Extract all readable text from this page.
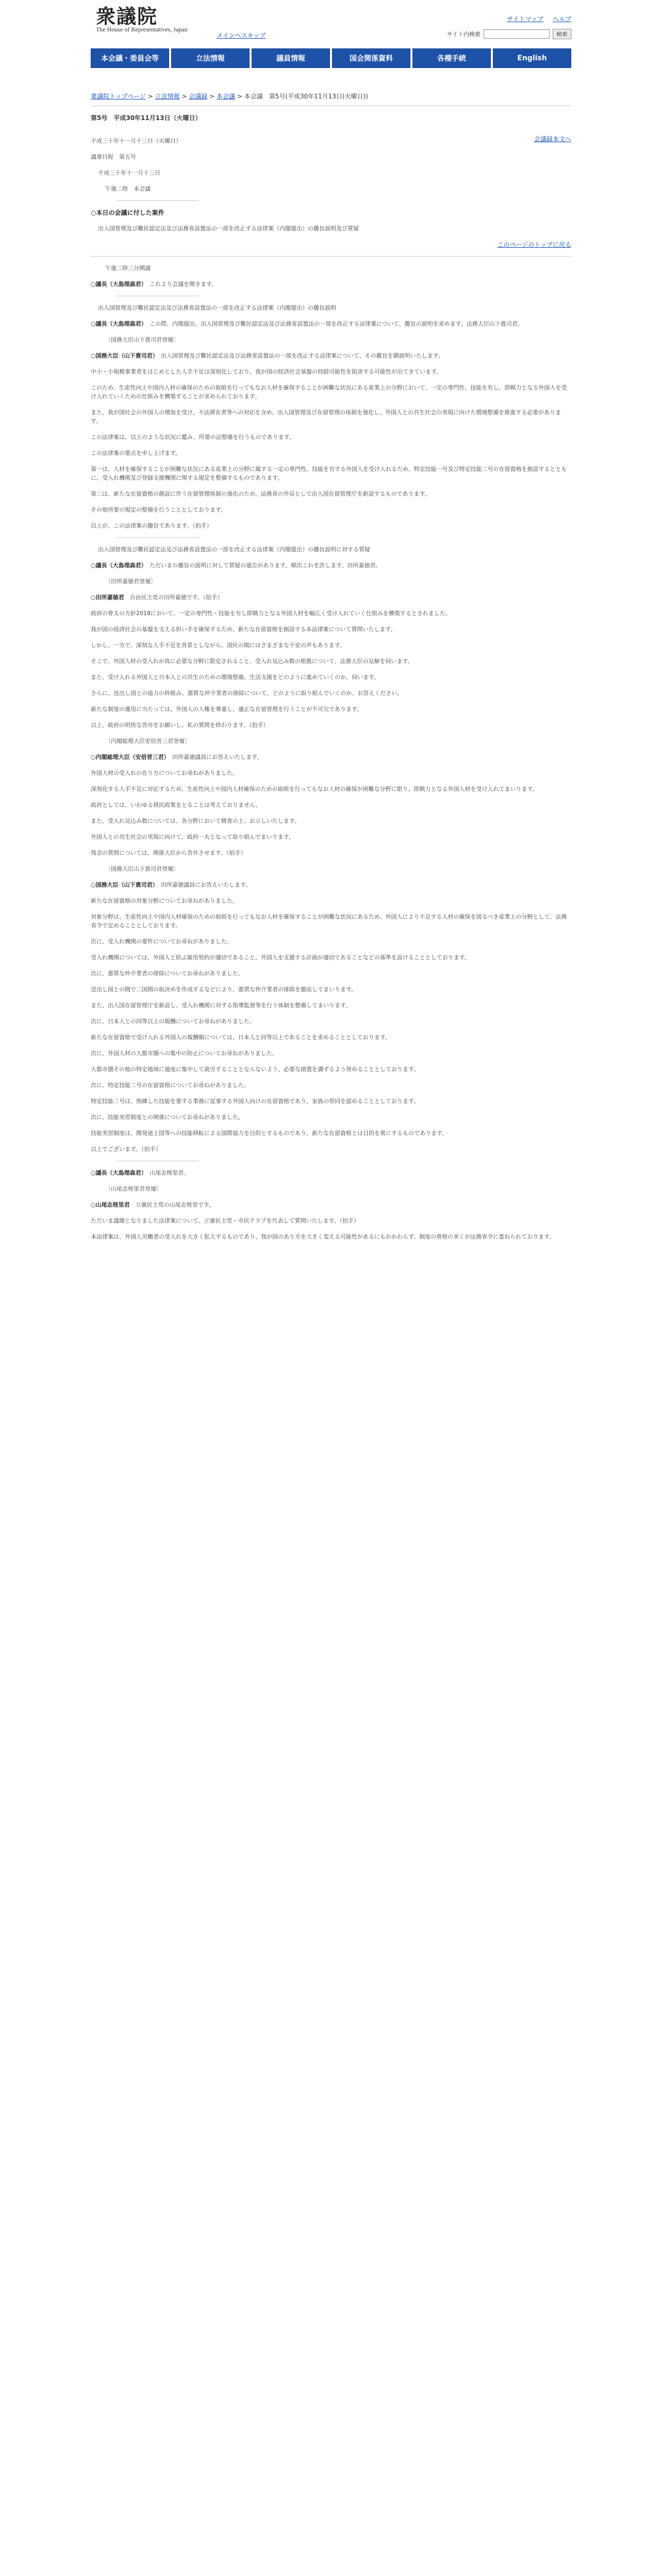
衆議院
The House of Representatives, Japan
メインへスキップ
サイトマップ ヘルプ
サイト内検索	検索
本会議・委員会等	立法情報	議員情報	国会関係資料	各種手続	English
衆議院トップページ > 立法情報 > 会議録 > 本会議 > 本会議　第5号(平成30年11月13日(火曜日))
第5号　平成30年11月13日（火曜日）
会議録本文へ

平成三十年十一月十三日（火曜日）

議事日程　第五号

平成三十年十一月十三日

午後二時　本会議

○本日の会議に付した案件

出入国管理及び難民認定法及び法務省設置法の一部を改正する法律案（内閣提出）の趣旨説明及び質疑

このページのトップに戻る

午後二時三分開議

○議長（大島理森君）　 これより会議を開きます。

出入国管理及び難民認定法及び法務省設置法の一部を改正する法律案（内閣提出）の趣旨説明

○議長（大島理森君）　 この際、内閣提出、出入国管理及び難民認定法及び法務省設置法の一部を改正する法律案について、趣旨の説明を求めます。法務大臣山下貴司君。

〔国務大臣山下貴司君登壇〕

○国務大臣（山下貴司君）　 出入国管理及び難民認定法及び法務省設置法の一部を改正する法律案について、その趣旨を御説明いたします。

中小・小規模事業者をはじめとした人手不足は深刻化しており、我が国の経済社会基盤の持続可能性を阻害する可能性が出てきています。

このため、生産性向上や国内人材の確保のための取組を行ってもなお人材を確保することが困難な状況にある産業上の分野において、一定の専門性、技能を有し、即戦力となる外国人を受け入れていくための仕組みを構築することが求められております。

また、我が国社会の外国人の増加を受け、不法滞在者等への対応を含め、出入国管理及び在留管理の体制を強化し、外国人との共生社会の実現に向けた環境整備を推進する必要があります。

この法律案は、以上のような状況に鑑み、所要の法整備を行うものであります。

この法律案の要点を申し上げます。

第一は、人材を確保することが困難な状況にある産業上の分野に属する一定の専門性、技能を有する外国人を受け入れるため、特定技能一号及び特定技能二号の在留資格を創設するとともに、受入れ機関及び登録支援機関に関する規定を整備するものであります。

第二は、新たな在留資格の創設に伴う在留管理体制の強化のため、法務省の外局として出入国在留管理庁を新設するものであります。

その他所要の規定の整備を行うこととしております。

以上が、この法律案の趣旨であります。（拍手）

出入国管理及び難民認定法及び法務省設置法の一部を改正する法律案（内閣提出）の趣旨説明に対する質疑

○議長（大島理森君）　 ただいまの趣旨の説明に対して質疑の通告があります。順次これを許します。田所嘉徳君。

〔田所嘉徳君登壇〕

○田所嘉徳君　 自由民主党の田所嘉徳です。（拍手）

政府の骨太の方針2018において、一定の専門性・技能を有し即戦力となる外国人材を幅広く受け入れていく仕組みを構築するとされました。

我が国の経済社会の基盤を支える担い手を確保するため、新たな在留資格を創設する本法律案について質問いたします。

しかし、一方で、深刻な人手不足を背景としながら、国民の間にはさまざまな不安の声もあります。

そこで、外国人材の受入れが真に必要な分野に限定されること、受入れ見込み数の根拠について、法務大臣の見解を伺います。

また、受け入れる外国人と日本人との共生のための環境整備、生活支援をどのように進めていくのか、伺います。

さらに、送出し国との協力の枠組み、悪質な仲介業者の排除について、どのように取り組んでいくのか、お答えください。

新たな制度の運用に当たっては、外国人の人権を尊重し、適正な在留管理を行うことが不可欠であります。

以上、政府の明快な答弁をお願いし、私の質問を終わります。（拍手）

〔内閣総理大臣安倍晋三君登壇〕

○内閣総理大臣（安倍晋三君）　 田所嘉徳議員にお答えいたします。

外国人材の受入れの在り方についてお尋ねがありました。

深刻化する人手不足に対応するため、生産性向上や国内人材確保のための取組を行ってもなお人材の確保が困難な分野に限り、即戦力となる外国人材を受け入れてまいります。

政府としては、いわゆる移民政策をとることは考えておりません。

また、受入れ見込み数については、各分野において精査の上、お示しいたします。

外国人との共生社会の実現に向けて、政府一丸となって取り組んでまいります。

残余の質問については、関係大臣から答弁させます。（拍手）

〔国務大臣山下貴司君登壇〕

○国務大臣（山下貴司君）　 田所嘉徳議員にお答えいたします。

新たな在留資格の対象分野についてお尋ねがありました。

対象分野は、生産性向上や国内人材確保のための取組を行ってもなお人材を確保することが困難な状況にあるため、外国人により不足する人材の確保を図るべき産業上の分野として、法務省令で定めることとしております。

次に、受入れ機関の要件についてお尋ねがありました。

受入れ機関については、外国人と結ぶ雇用契約が適切であること、外国人を支援する計画が適切であることなどの基準を設けることとしております。

次に、悪質な仲介業者の排除についてお尋ねがありました。

送出し国との間で二国間の取決めを作成するなどにより、悪質な仲介業者の排除を徹底してまいります。

また、出入国在留管理庁を新設し、受入れ機関に対する指導監督等を行う体制を整備してまいります。

次に、日本人との同等以上の報酬についてお尋ねがありました。

新たな在留資格で受け入れる外国人の報酬額については、日本人と同等以上であることを求めることとしております。

次に、外国人材の大都市圏への集中の防止についてお尋ねがありました。

大都市圏その他の特定地域に過度に集中して就労することとならないよう、必要な措置を講ずるよう努めることとしております。

次に、特定技能二号の在留資格についてお尋ねがありました。

特定技能二号は、熟練した技能を要する業務に従事する外国人向けの在留資格であり、家族の帯同を認めることとしております。

次に、技能実習制度との関係についてお尋ねがありました。

技能実習制度は、開発途上国等への技能移転による国際協力を目的とするものであり、新たな在留資格とは目的を異にするものであります。

以上でございます。（拍手）

○議長（大島理森君）　 山尾志桜里君。

〔山尾志桜里君登壇〕

○山尾志桜里君　 立憲民主党の山尾志桜里です。

ただいま議題となりました法律案について、立憲民主党・市民クラブを代表して質問いたします。（拍手）

本法律案は、外国人労働者の受入れを大きく拡大するものであり、我が国のあり方を大きく変える可能性があるにもかかわらず、制度の骨格の多くが法務省令に委ねられております。
